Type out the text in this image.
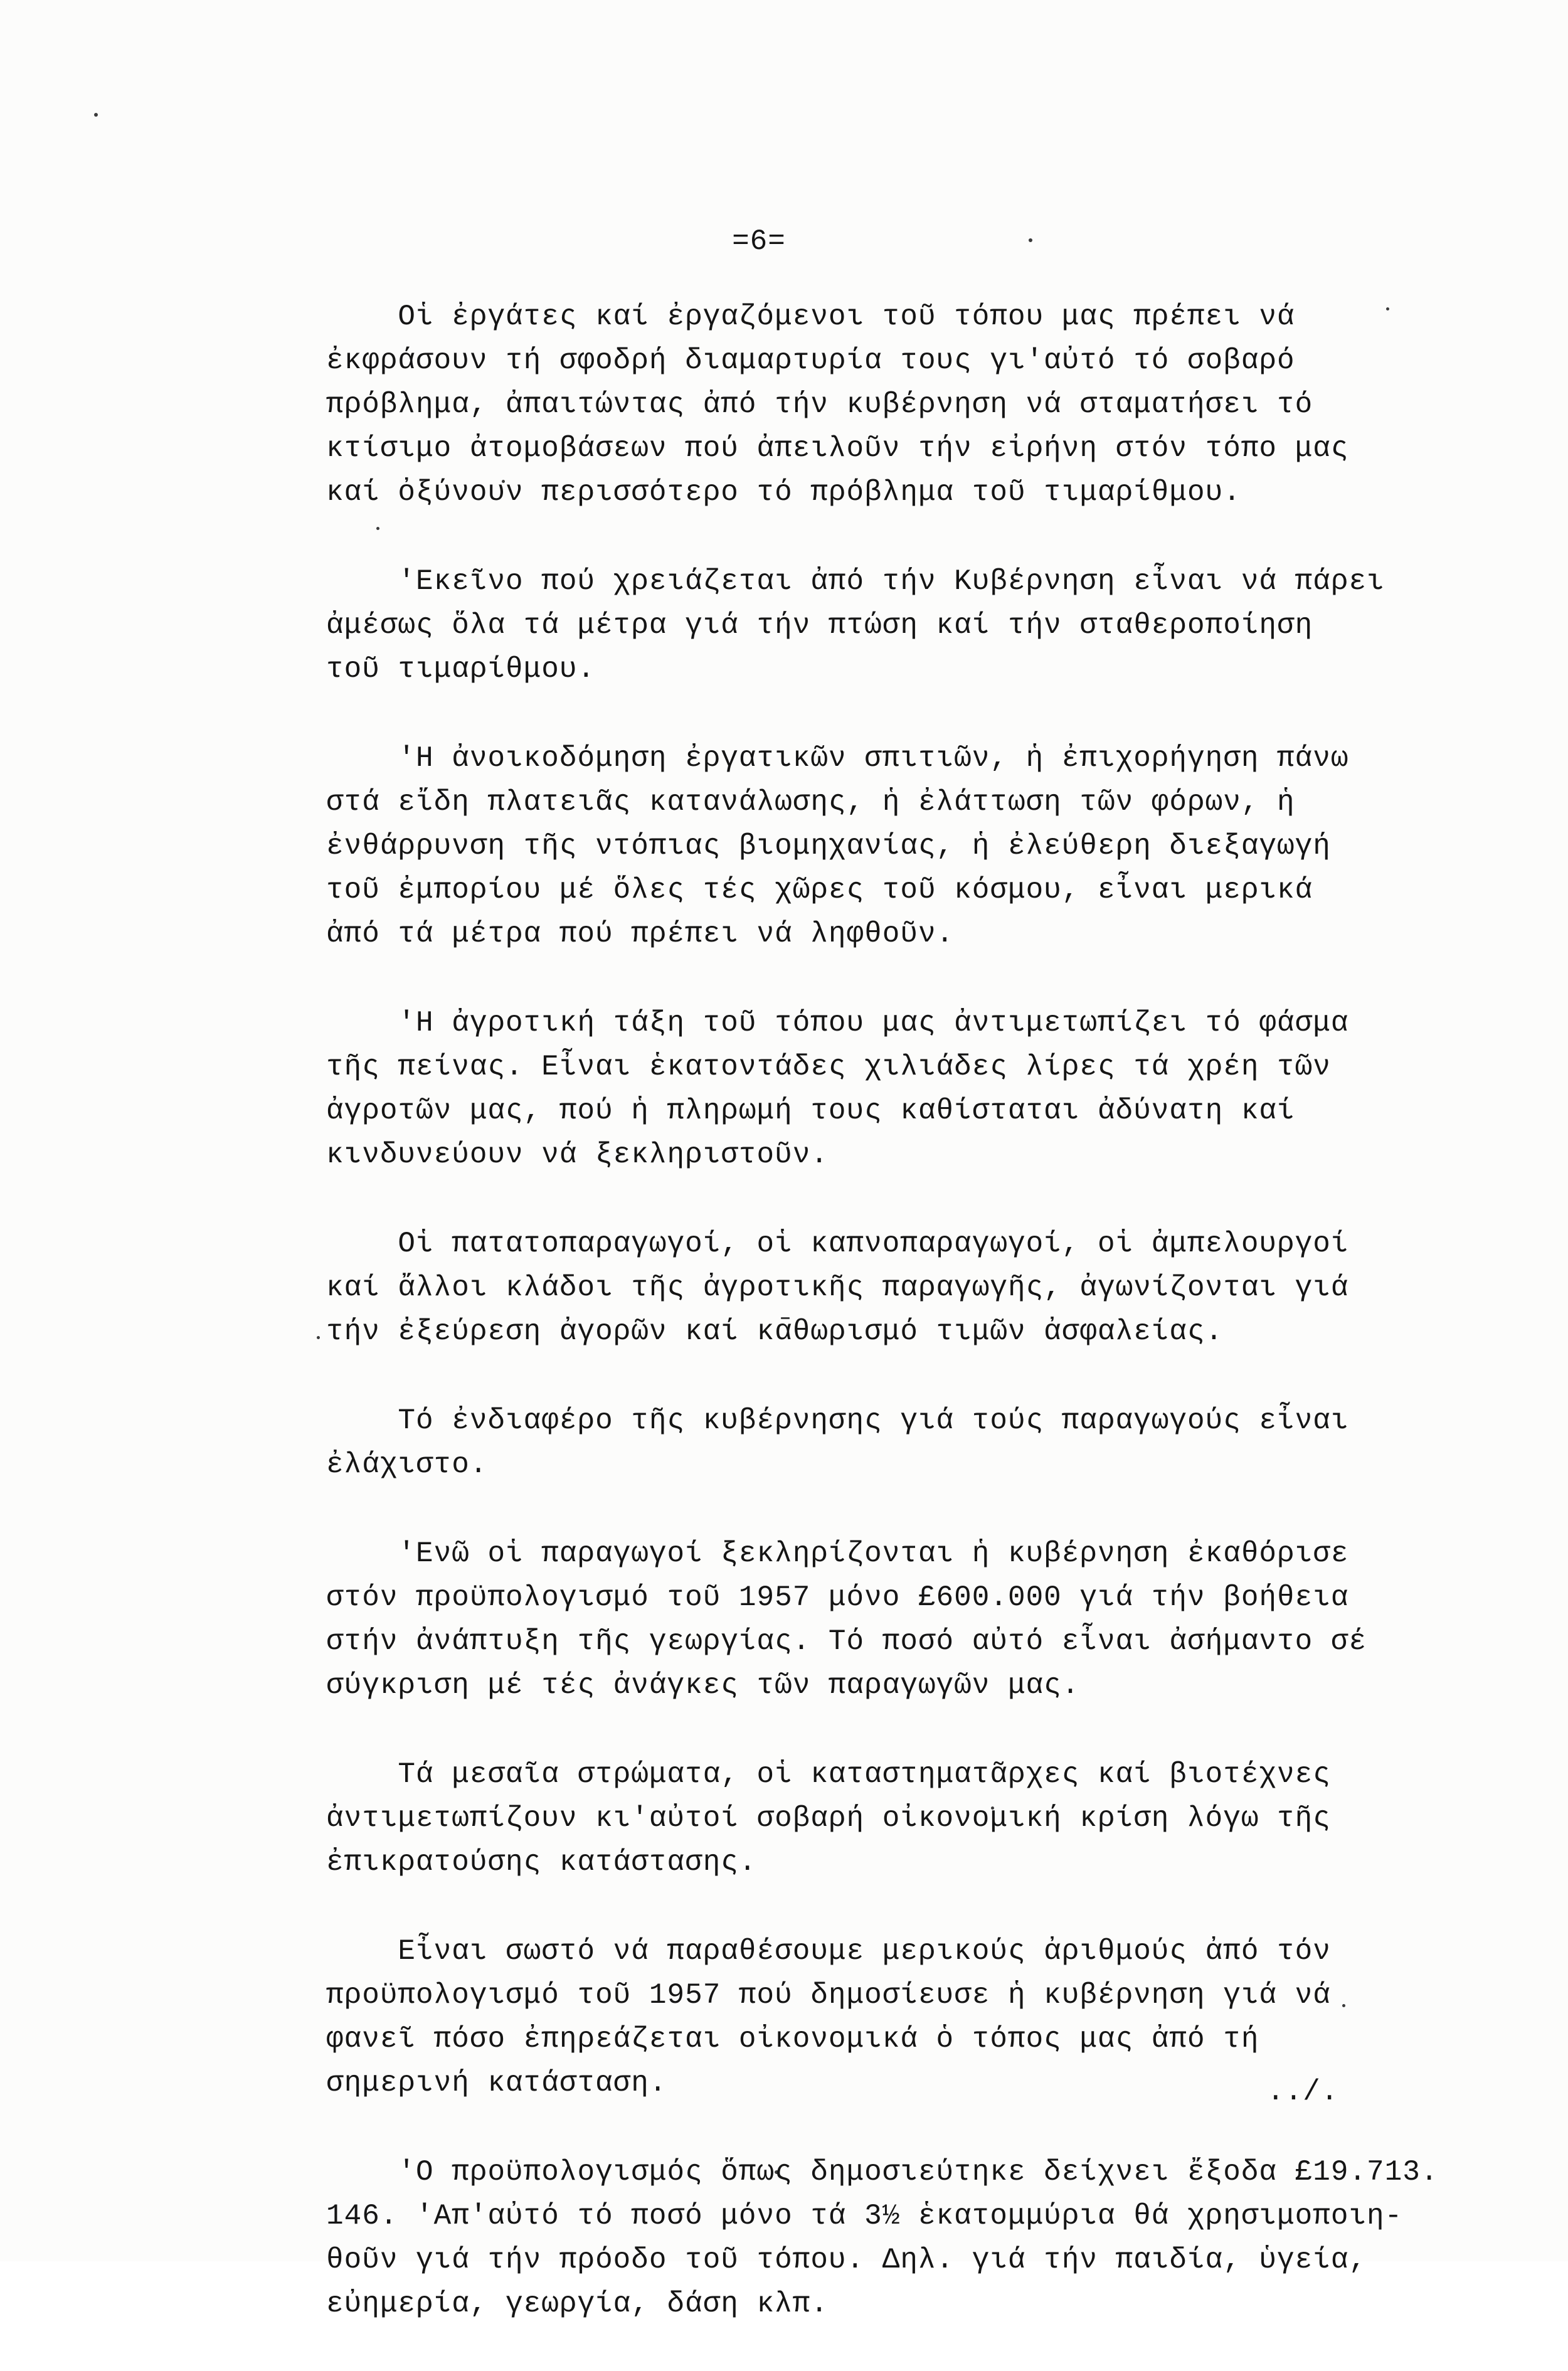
=6=
Οἱ ἐργάτες καί ἐργαζόμενοι τοῦ τόπου μας πρέπει νά
ἐκφράσουν τή σφοδρή διαμαρτυρία τους γι'αὐτό τό σοβαρό
πρόβλημα, ἀπαιτώντας ἀπό τήν κυβέρνηση νά σταματήσει τό
κτίσιμο ἀτομοβάσεων πού ἀπειλοῦν τήν εἰρήνη στόν τόπο μας
καί ὀξύνουν περισσότερο τό πρόβλημα τοῦ τιμαρίθμου.
'Εκεῖνο πού χρειάζεται ἀπό τήν Κυβέρνηση εἶναι νά πάρει
ἀμέσως ὅλα τά μέτρα γιά τήν πτώση καί τήν σταθεροποίηση
τοῦ τιμαρίθμου.
'Η ἀνοικοδόμηση ἐργατικῶν σπιτιῶν, ἡ ἐπιχορήγηση πάνω
στά εἴδη πλατειᾶς κατανάλωσης, ἡ ἐλάττωση τῶν φόρων, ἡ
ἐνθάρρυνση τῆς ντόπιας βιομηχανίας, ἡ ἐλεύθερη διεξαγωγή
τοῦ ἐμπορίου μέ ὅλες τές χῶρες τοῦ κόσμου, εἶναι μερικά
ἀπό τά μέτρα πού πρέπει νά ληφθοῦν.
'Η ἀγροτική τάξη τοῦ τόπου μας ἀντιμετωπίζει τό φάσμα
τῆς πείνας. Εἶναι ἑκατοντάδες χιλιάδες λίρες τά χρέη τῶν
ἀγροτῶν μας, πού ἡ πληρωμή τους καθίσταται ἀδύνατη καί
κινδυνεύουν νά ξεκληριστοῦν.
Οἱ πατατοπαραγωγοί, οἱ καπνοπαραγωγοί, οἱ ἀμπελουργοί
καί ἄλλοι κλάδοι τῆς ἀγροτικῆς παραγωγῆς, ἀγωνίζονται γιά
τήν ἐξεύρεση ἀγορῶν καί καθωρισμό τιμῶν ἀσφαλείας.
Τό ἐνδιαφέρο τῆς κυβέρνησης γιά τούς παραγωγούς εἶναι
ἐλάχιστο.
'Ενῶ οἱ παραγωγοί ξεκληρίζονται ἡ κυβέρνηση ἐκαθόρισε
στόν προϋπολογισμό τοῦ 1957 μόνο £600.000 γιά τήν βοήθεια
στήν ἀνάπτυξη τῆς γεωργίας. Τό ποσό αὐτό εἶναι ἀσήμαντο σέ
σύγκριση μέ τές ἀνάγκες τῶν παραγωγῶν μας.
Τά μεσαῖα στρώματα, οἱ καταστηματᾶρχες καί βιοτέχνες
ἀντιμετωπίζουν κι'αὐτοί σοβαρή οἰκονομική κρίση λόγω τῆς
ἐπικρατούσης κατάστασης.
Εἶναι σωστό νά παραθέσουμε μερικούς ἀριθμούς ἀπό τόν
προϋπολογισμό τοῦ 1957 πού δημοσίευσε ἡ κυβέρνηση γιά νά
φανεῖ πόσο ἐπηρεάζεται οἰκονομικά ὁ τόπος μας ἀπό τή
σημερινή κατάσταση.
'Ο προϋπολογισμός ὅπως δημοσιεύτηκε δείχνει ἔξοδα £19.713.
146. 'Απ'αὐτό τό ποσό μόνο τά 3½ ἑκατομμύρια θά χρησιμοποιη-
θοῦν γιά τήν πρόοδο τοῦ τόπου. Δηλ. γιά τήν παιδία, ὑγεία,
εὐημερία, γεωργία, δάση κλπ.
../.
